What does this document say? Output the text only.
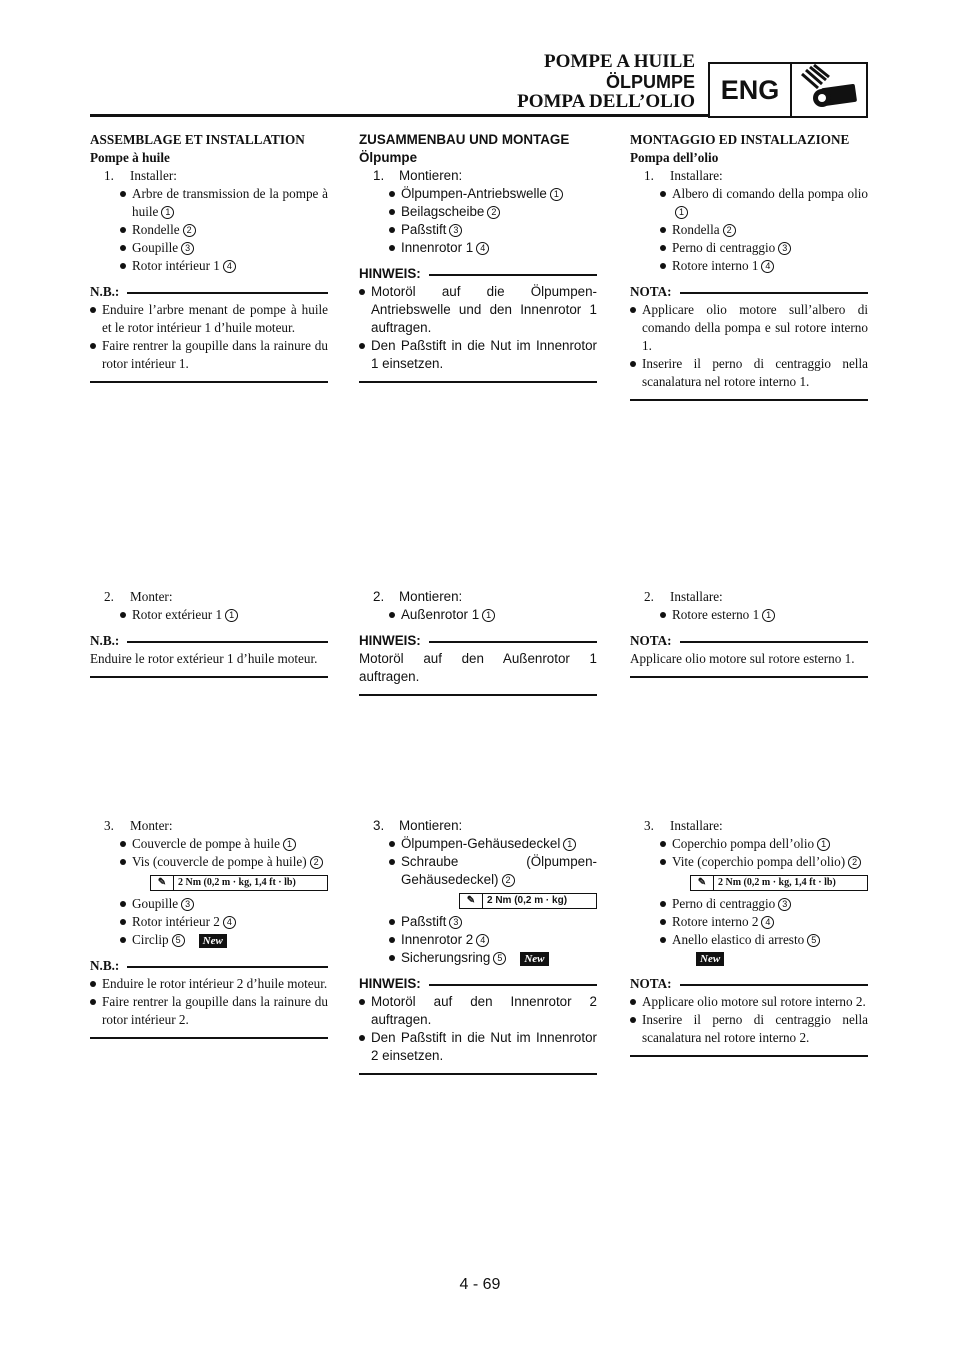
POMPE A HUILE
ÖLPUMPE
POMPA DELL’OLIO ENG
ASSEMBLAGE ET INSTALLATION
Pompe à huile
1. Installer:
Arbre de transmission de la pompe à huile 1
Rondelle 2
Goupille 3
Rotor intérieur 1 4
N.B.:
Enduire l’arbre menant de pompe à huile et le rotor intérieur 1 d’huile moteur.
Faire rentrer la goupille dans la rainure du rotor intérieur 1.
2. Monter:
Rotor extérieur 1 1
N.B.:
Enduire le rotor extérieur 1 d’huile moteur.
3. Monter:
Couvercle de pompe à huile 1
Vis (couvercle de pompe à huile) 2
✎	2 Nm (0,2 m · kg, 1,4 ft · lb)
Goupille 3
Rotor intérieur 2 4
Circlip 5 New
N.B.:
Enduire le rotor intérieur 2 d’huile moteur.
Faire rentrer la goupille dans la rainure du rotor intérieur 2.
ZUSAMMENBAU UND MONTAGE
Ölpumpe
1. Montieren:
Ölpumpen-Antriebswelle 1
Beilagscheibe 2
Paßstift 3
Innenrotor 1 4
HINWEIS:
Motoröl auf die Ölpumpen-Antriebswelle und den Innenrotor 1 auftragen.
Den Paßstift in die Nut im Innenrotor 1 einsetzen.
2. Montieren:
Außenrotor 1 1
HINWEIS:
Motoröl auf den Außenrotor 1 auftragen.
3. Montieren:
Ölpumpen-Gehäusedeckel 1
Schraube (Ölpumpen-Gehäusedeckel) 2
✎	2 Nm (0,2 m · kg)
Paßstift 3
Innenrotor 2 4
Sicherungsring 5 New
HINWEIS:
Motoröl auf den Innenrotor 2 auftragen.
Den Paßstift in die Nut im Innenrotor 2 einsetzen.
MONTAGGIO ED INSTALLAZIONE
Pompa dell’olio
1. Installare:
Albero di comando della pompa olio1
Rondella 2
Perno di centraggio 3
Rotore interno 1 4
NOTA:
Applicare olio motore sull’albero di comando della pompa e sul rotore interno 1.
Inserire il perno di centraggio nella scanalatura nel rotore interno 1.
2. Installare:
Rotore esterno 1 1
NOTA:
Applicare olio motore sul rotore esterno 1.
3. Installare:
Coperchio pompa dell’olio 1
Vite (coperchio pompa dell’olio) 2
✎	2 Nm (0,2 m · kg, 1,4 ft · lb)
Perno di centraggio 3
Rotore interno 2 4
Anello elastico di arresto 5
New
NOTA:
Applicare olio motore sul rotore interno 2.
Inserire il perno di centraggio nella scanalatura nel rotore interno 2.
4 - 69
